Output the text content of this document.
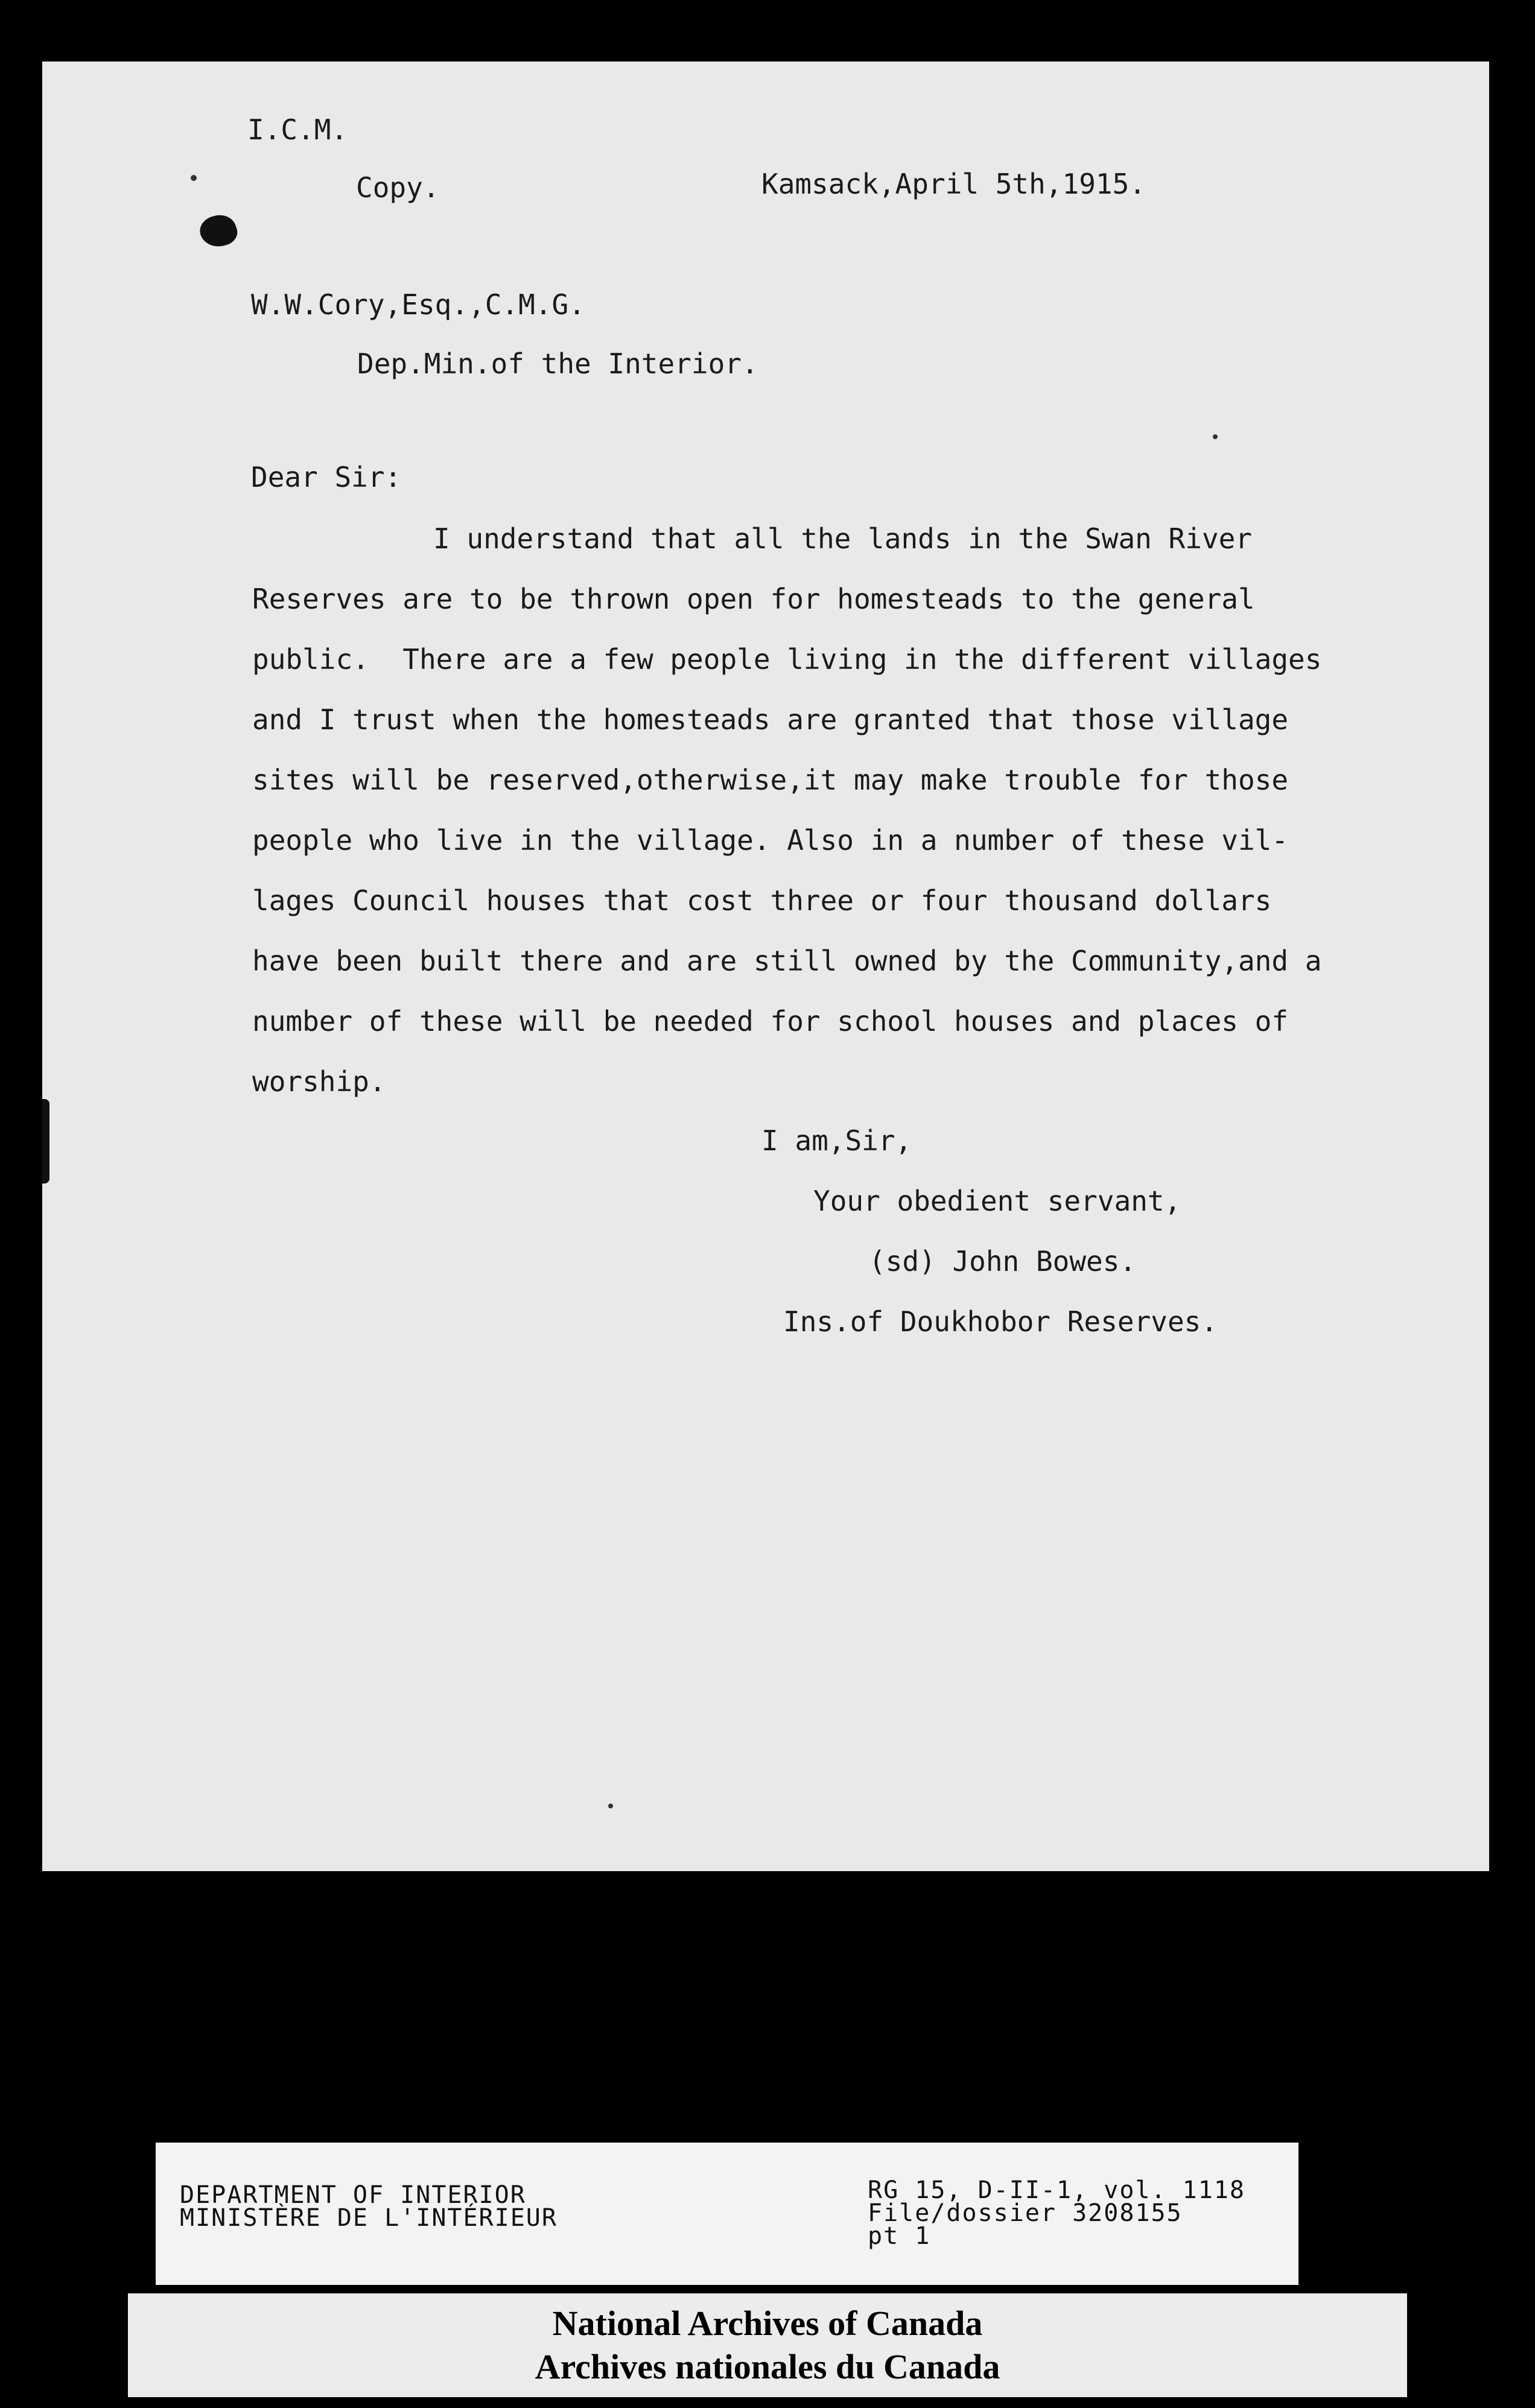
I.C.M.
Copy.	Kamsack,April 5th,1915.
W.W.Cory,Esq.,C.M.G.
Dep.Min.of the Interior.
Dear Sir:
I understand that all the lands in the Swan River
Reserves are to be thrown open for homesteads to the general
public.  There are a few people living in the different villages
and I trust when the homesteads are granted that those village
sites will be reserved,otherwise,it may make trouble for those
people who live in the village. Also in a number of these vil-
lages Council houses that cost three or four thousand dollars
have been built there and are still owned by the Community,and a
number of these will be needed for school houses and places of
worship.
I am,Sir,
Your obedient servant,
(sd) John Bowes.
Ins.of Doukhobor Reserves.
DEPARTMENT OF INTERIOR
MINISTÈRE DE L'INTÉRIEUR
RG 15, D-II-1, vol. 1118
File/dossier 3208155
pt 1
National Archives of Canada
Archives nationales du Canada
